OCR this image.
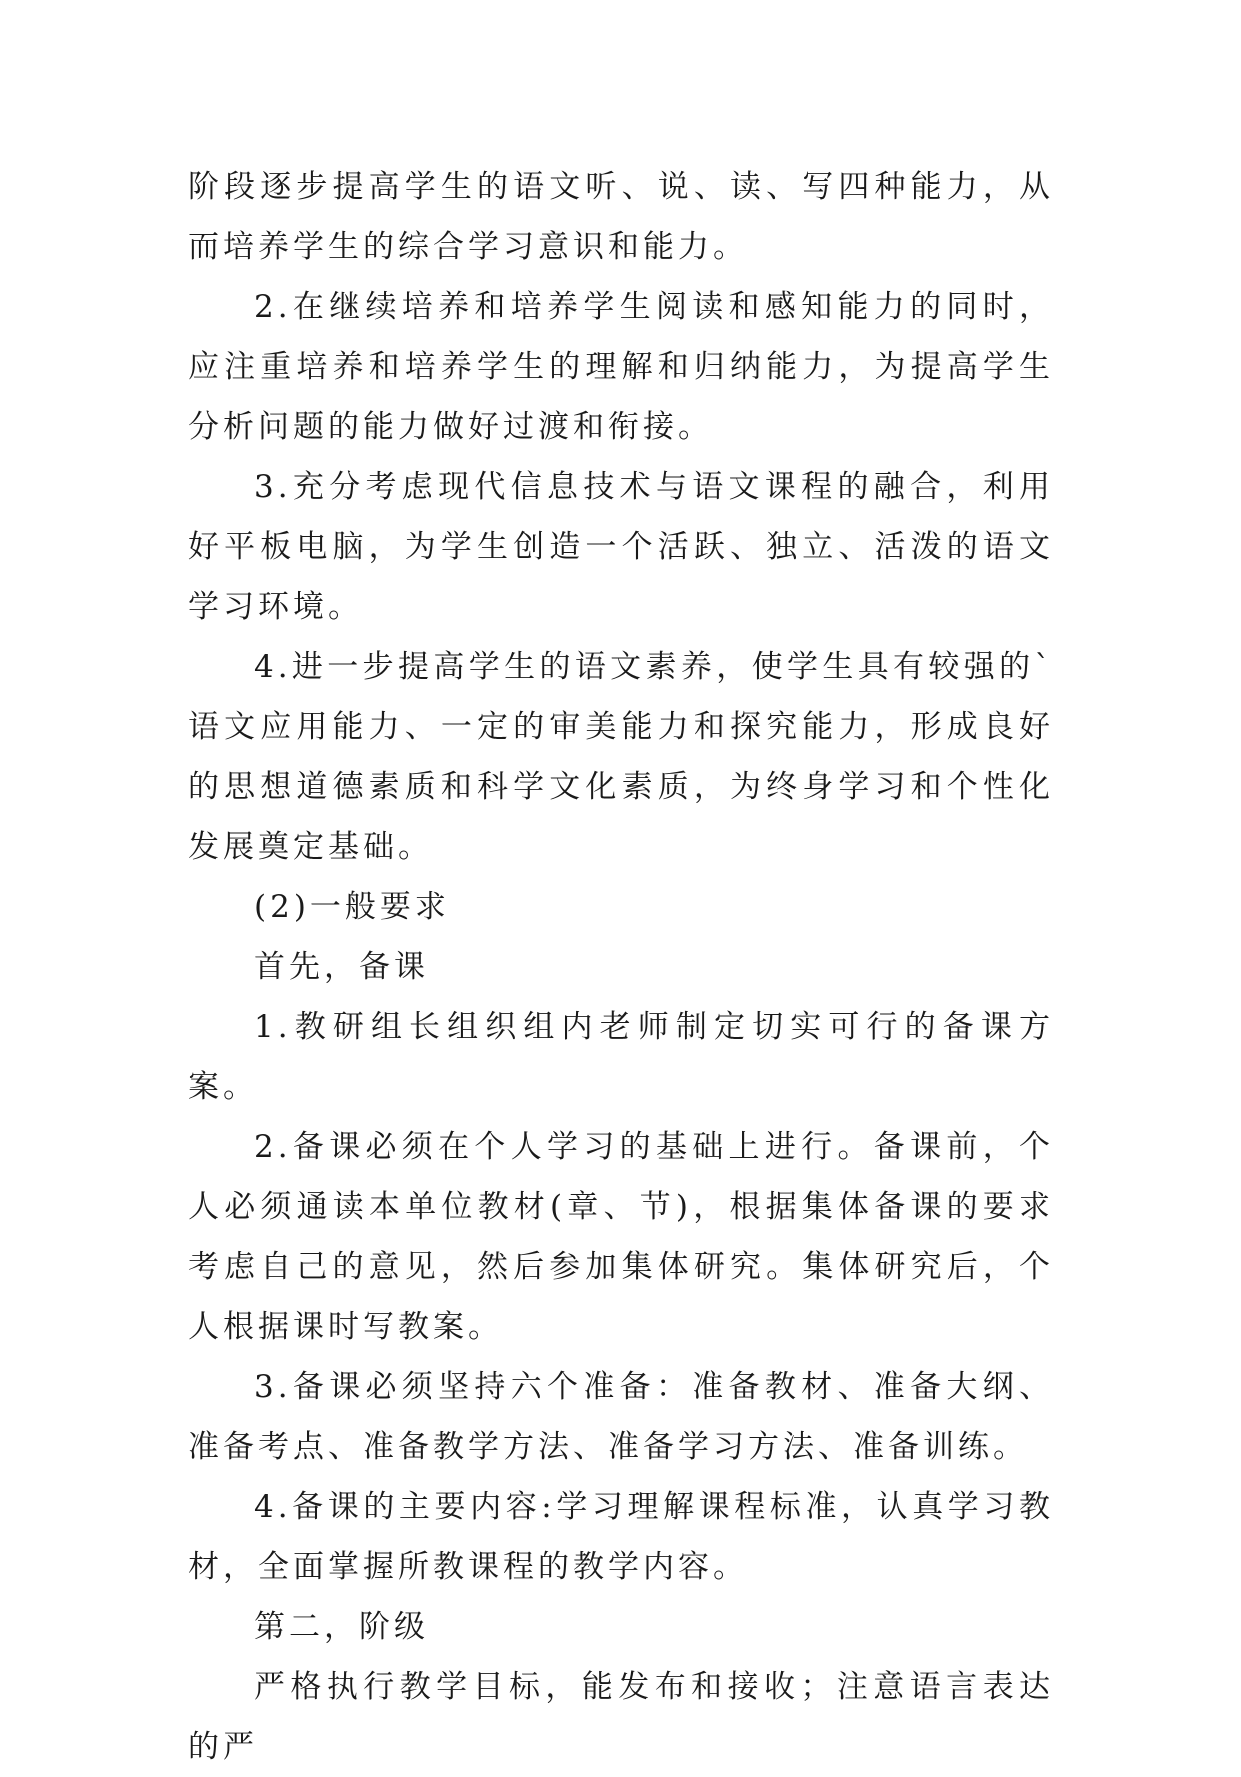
阶段逐步提高学生的语文听、说、读、写四种能力，从而培养学生的综合学习意识和能力。

2.在继续培养和培养学生阅读和感知能力的同时，应注重培养和培养学生的理解和归纳能力，为提高学生分析问题的能力做好过渡和衔接。

3.充分考虑现代信息技术与语文课程的融合，利用好平板电脑，为学生创造一个活跃、独立、活泼的语文学习环境。

4.进一步提高学生的语文素养，使学生具有较强的`语文应用能力、一定的审美能力和探究能力，形成良好的思想道德素质和科学文化素质，为终身学习和个性化发展奠定基础。

(2)一般要求

首先，备课

1.教研组长组织组内老师制定切实可行的备课方案。

2.备课必须在个人学习的基础上进行。备课前，个人必须通读本单位教材(章、节)，根据集体备课的要求考虑自己的意见，然后参加集体研究。集体研究后，个人根据课时写教案。

3.备课必须坚持六个准备：准备教材、准备大纲、准备考点、准备教学方法、准备学习方法、准备训练。

4.备课的主要内容:学习理解课程标准，认真学习教材，全面掌握所教课程的教学内容。

第二，阶级

严格执行教学目标，能发布和接收；注意语言表达的严
